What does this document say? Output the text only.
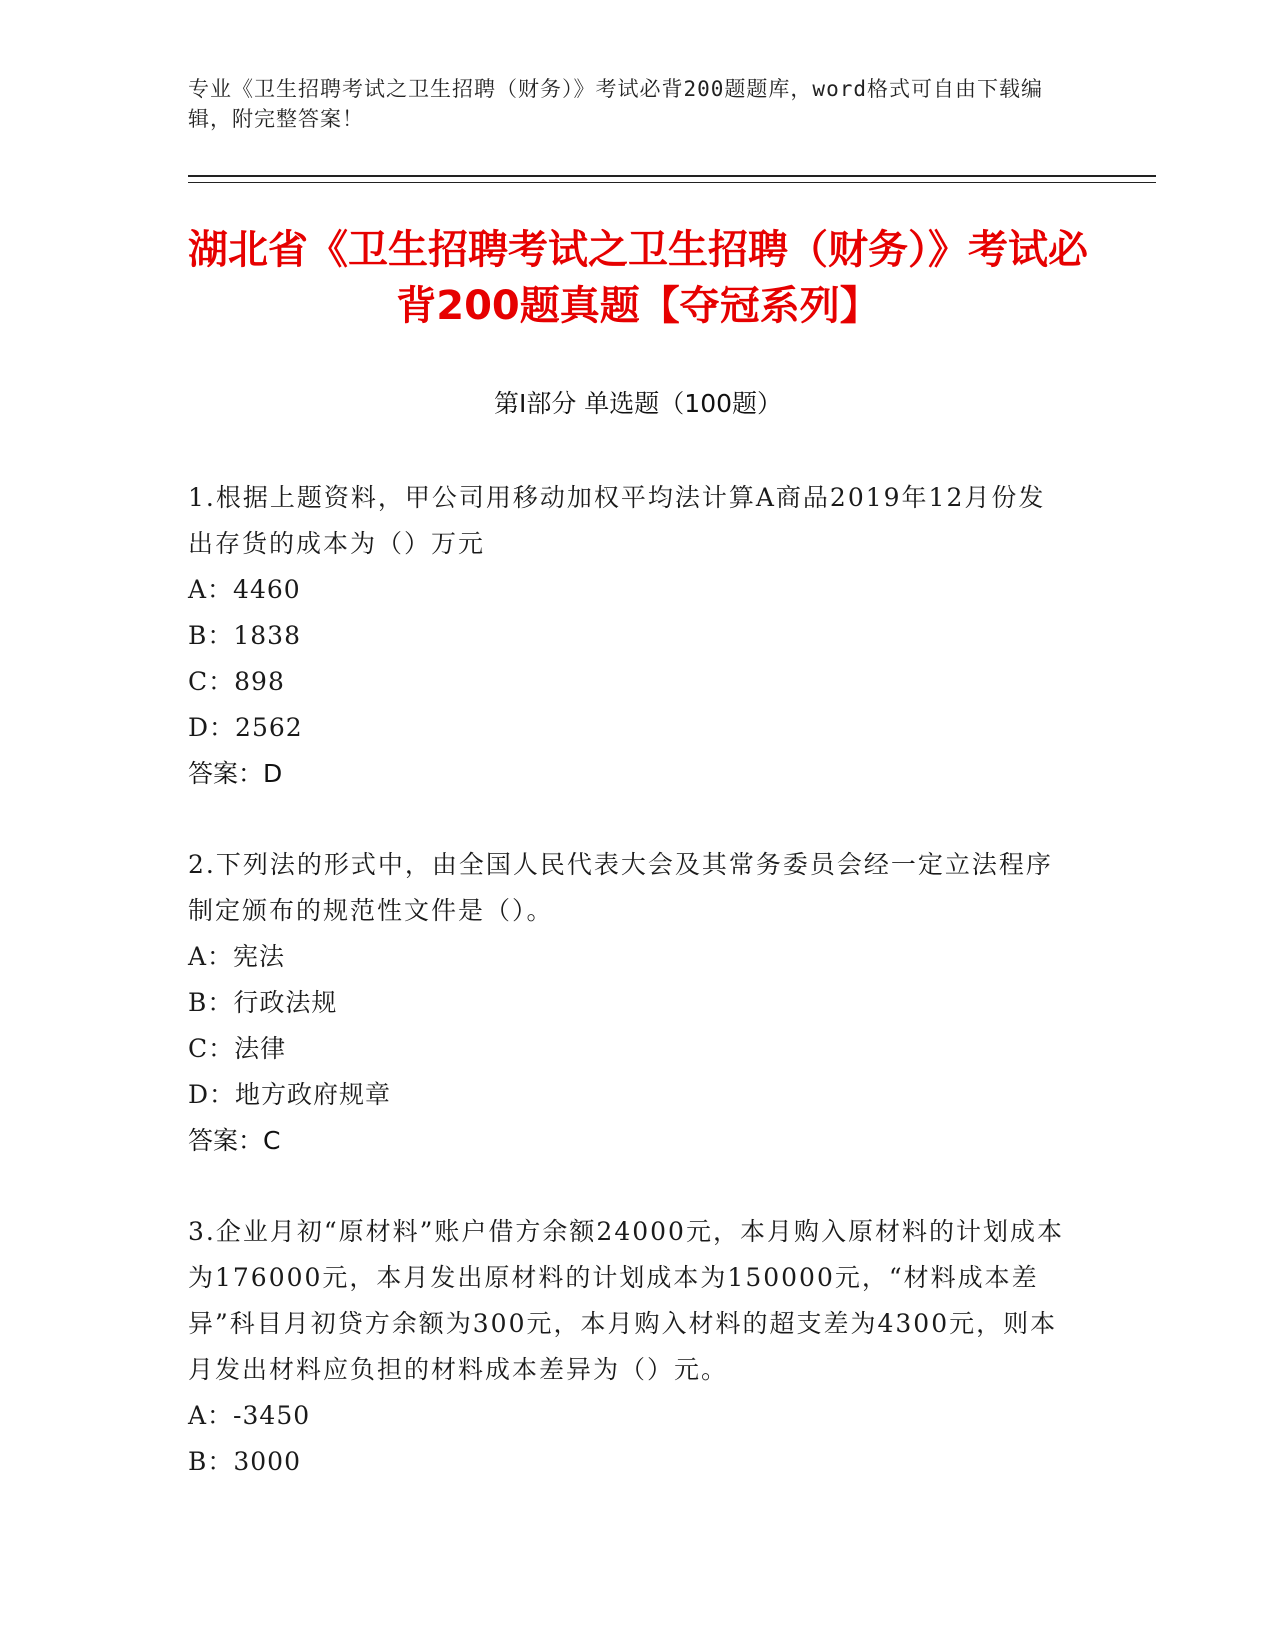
专业《卫生招聘考试之卫生招聘（财务）》考试必背200题题库，word格式可自由下载编辑，附完整答案！
湖北省《卫生招聘考试之卫生招聘（财务）》考试必背200题真题【夺冠系列】
第Ⅰ部分 单选题（100题）

1.根据上题资料，甲公司用移动加权平均法计算A商品2019年12月份发出存货的成本为（）万元

A：4460

B：1838

C：898

D：2562

答案：D

2.下列法的形式中，由全国人民代表大会及其常务委员会经一定立法程序制定颁布的规范性文件是（）。

A：宪法

B：行政法规

C：法律

D：地方政府规章

答案：C

3.企业月初“原材料”账户借方余额24000元，本月购入原材料的计划成本为176000元，本月发出原材料的计划成本为150000元，“材料成本差异”科目月初贷方余额为300元，本月购入材料的超支差为4300元，则本月发出材料应负担的材料成本差异为（）元。

A：-3450

B：3000
